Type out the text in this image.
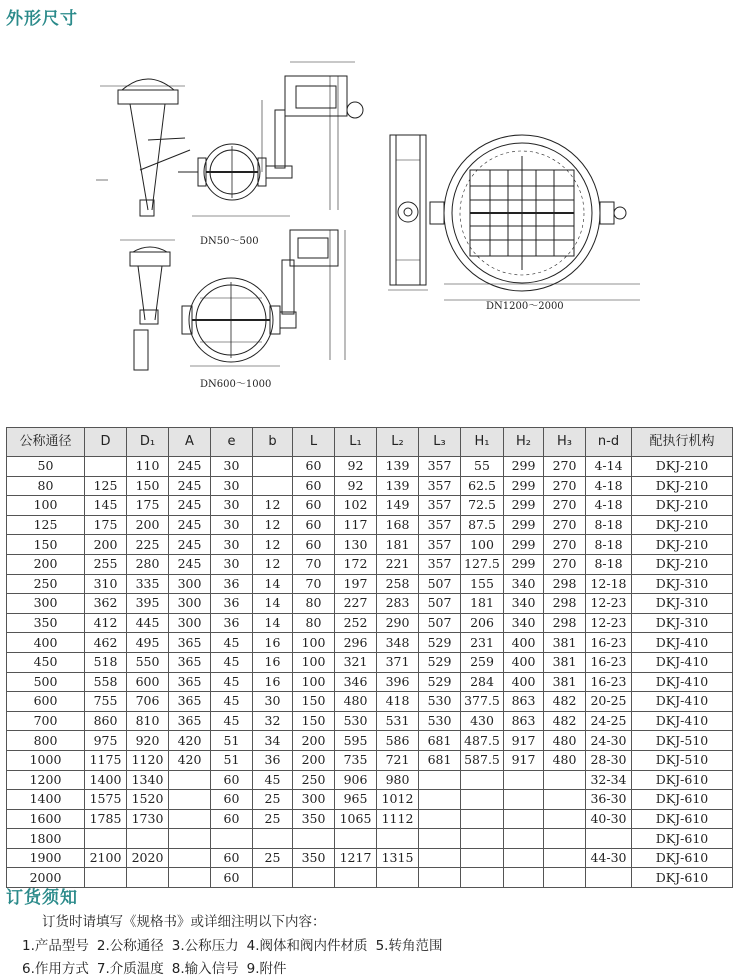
外形尺寸
DN50～500
DN600～1000
DN1200～2000
公称通径	D	D₁	A	e	b	L	L₁	L₂	L₃	H₁	H₂	H₃	n-d	配执行机构
50		110	245	30		60	92	139	357	55	299	270	4-14	DKJ-210
80	125	150	245	30		60	92	139	357	62.5	299	270	4-18	DKJ-210
100	145	175	245	30	12	60	102	149	357	72.5	299	270	4-18	DKJ-210
125	175	200	245	30	12	60	117	168	357	87.5	299	270	8-18	DKJ-210
150	200	225	245	30	12	60	130	181	357	100	299	270	8-18	DKJ-210
200	255	280	245	30	12	70	172	221	357	127.5	299	270	8-18	DKJ-210
250	310	335	300	36	14	70	197	258	507	155	340	298	12-18	DKJ-310
300	362	395	300	36	14	80	227	283	507	181	340	298	12-23	DKJ-310
350	412	445	300	36	14	80	252	290	507	206	340	298	12-23	DKJ-310
400	462	495	365	45	16	100	296	348	529	231	400	381	16-23	DKJ-410
450	518	550	365	45	16	100	321	371	529	259	400	381	16-23	DKJ-410
500	558	600	365	45	16	100	346	396	529	284	400	381	16-23	DKJ-410
600	755	706	365	45	30	150	480	418	530	377.5	863	482	20-25	DKJ-410
700	860	810	365	45	32	150	530	531	530	430	863	482	24-25	DKJ-410
800	975	920	420	51	34	200	595	586	681	487.5	917	480	24-30	DKJ-510
1000	1175	1120	420	51	36	200	735	721	681	587.5	917	480	28-30	DKJ-510
1200	1400	1340		60	45	250	906	980					32-34	DKJ-610
1400	1575	1520		60	25	300	965	1012					36-30	DKJ-610
1600	1785	1730		60	25	350	1065	1112					40-30	DKJ-610
1800														DKJ-610
1900	2100	2020		60	25	350	1217	1315					44-30	DKJ-610
2000				60										DKJ-610
订货须知
订货时请填写《规格书》或详细注明以下内容：
1.产品型号 2.公称通径 3.公称压力 4.阀体和阀内件材质 5.转角范围
6.作用方式 7.介质温度 8.输入信号 9.附件
